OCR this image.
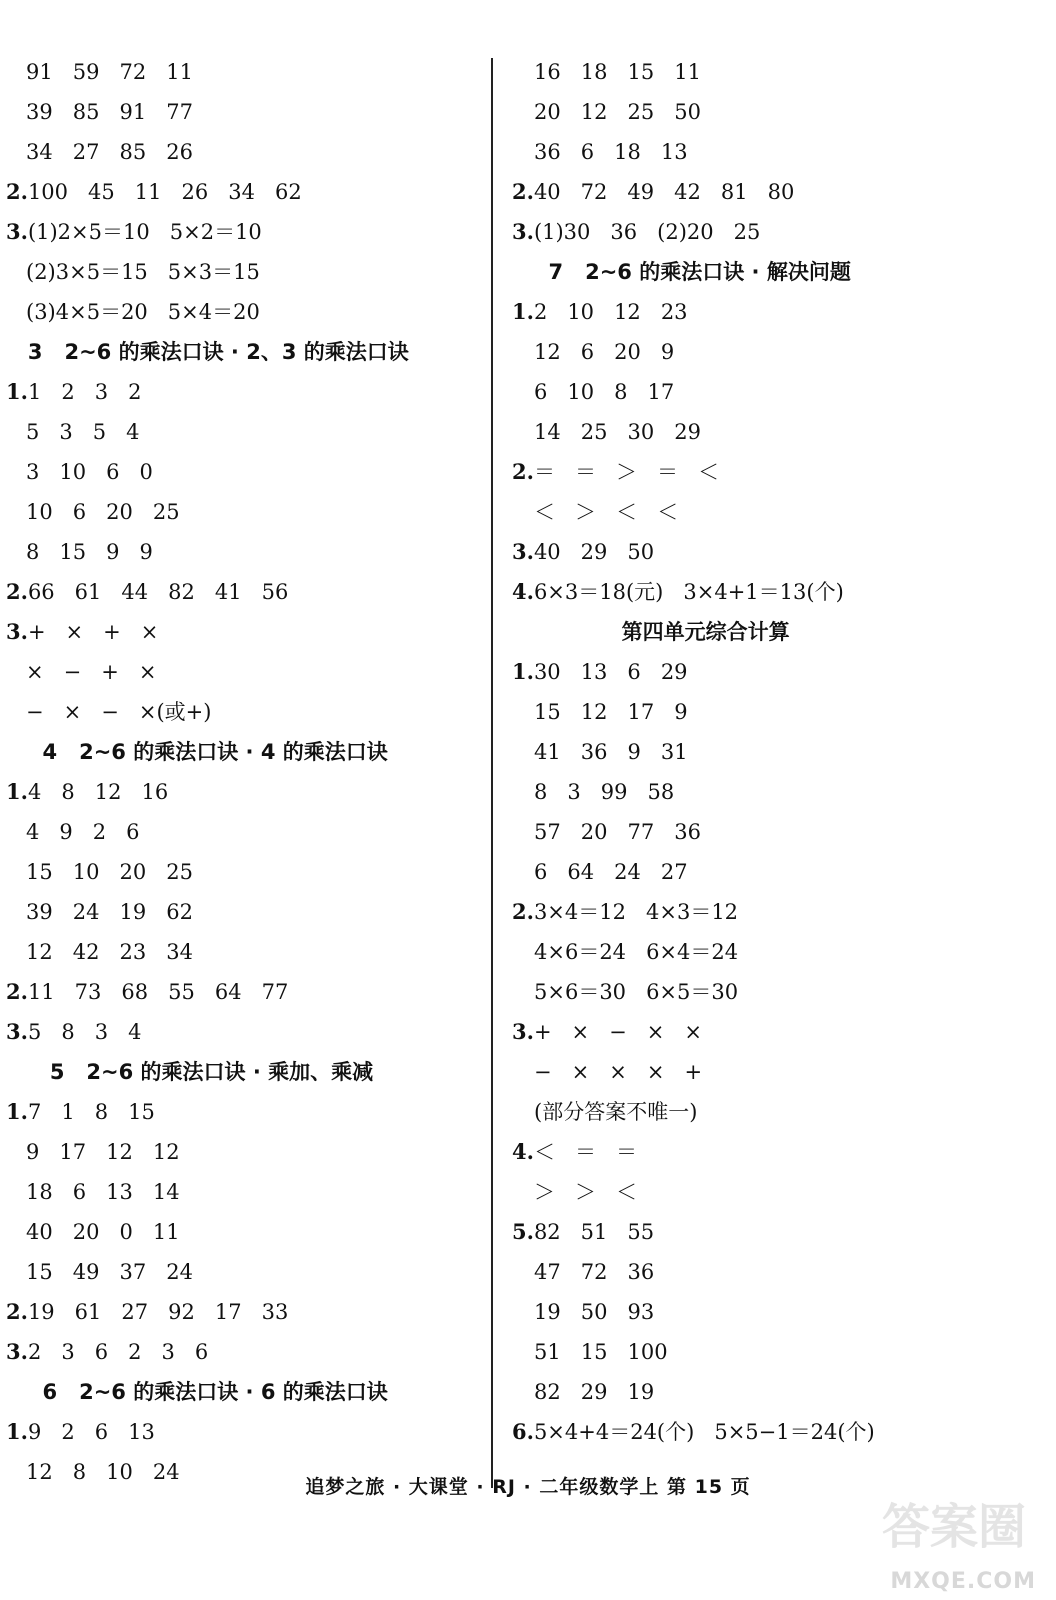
91   59   72   11
39   85   91   77
34   27   85   26
2.100   45   11   26   34   62
3.(1)2×5＝10   5×2＝10
(2)3×5＝15   5×3＝15
(3)4×5＝20   5×4＝20
3   2~6 的乘法口诀 · 2、3 的乘法口诀
1.1   2   3   2
5   3   5   4
3   10   6   0
10   6   20   25
8   15   9   9
2.66   61   44   82   41   56
3.+   ×   +   ×
×   −   +   ×
−   ×   −   ×(或+)
4   2~6 的乘法口诀 · 4 的乘法口诀
1.4   8   12   16
4   9   2   6
15   10   20   25
39   24   19   62
12   42   23   34
2.11   73   68   55   64   77
3.5   8   3   4
5   2~6 的乘法口诀 · 乘加、乘减
1.7   1   8   15
9   17   12   12
18   6   13   14
40   20   0   11
15   49   37   24
2.19   61   27   92   17   33
3.2   3   6   2   3   6
6   2~6 的乘法口诀 · 6 的乘法口诀
1.9   2   6   13
12   8   10   24
16   18   15   11
20   12   25   50
36   6   18   13
2.40   72   49   42   81   80
3.(1)30   36   (2)20   25
7   2~6 的乘法口诀 · 解决问题
1.2   10   12   23
12   6   20   9
6   10   8   17
14   25   30   29
2.＝   ＝   ＞   ＝   ＜
＜   ＞   ＜   ＜
3.40   29   50
4.6×3＝18(元)   3×4+1＝13(个)
第四单元综合计算
1.30   13   6   29
15   12   17   9
41   36   9   31
8   3   99   58
57   20   77   36
6   64   24   27
2.3×4＝12   4×3＝12
4×6＝24   6×4＝24
5×6＝30   6×5＝30
3.+   ×   −   ×   ×
−   ×   ×   ×   +
(部分答案不唯一)
4.＜   ＝   ＝
＞   ＞   ＜
5.82   51   55
47   72   36
19   50   93
51   15   100
82   29   19
6.5×4+4＝24(个)   5×5−1＝24(个)
追梦之旅 · 大课堂 · RJ · 二年级数学上 第 15 页
答案圈
MXQE.COM
